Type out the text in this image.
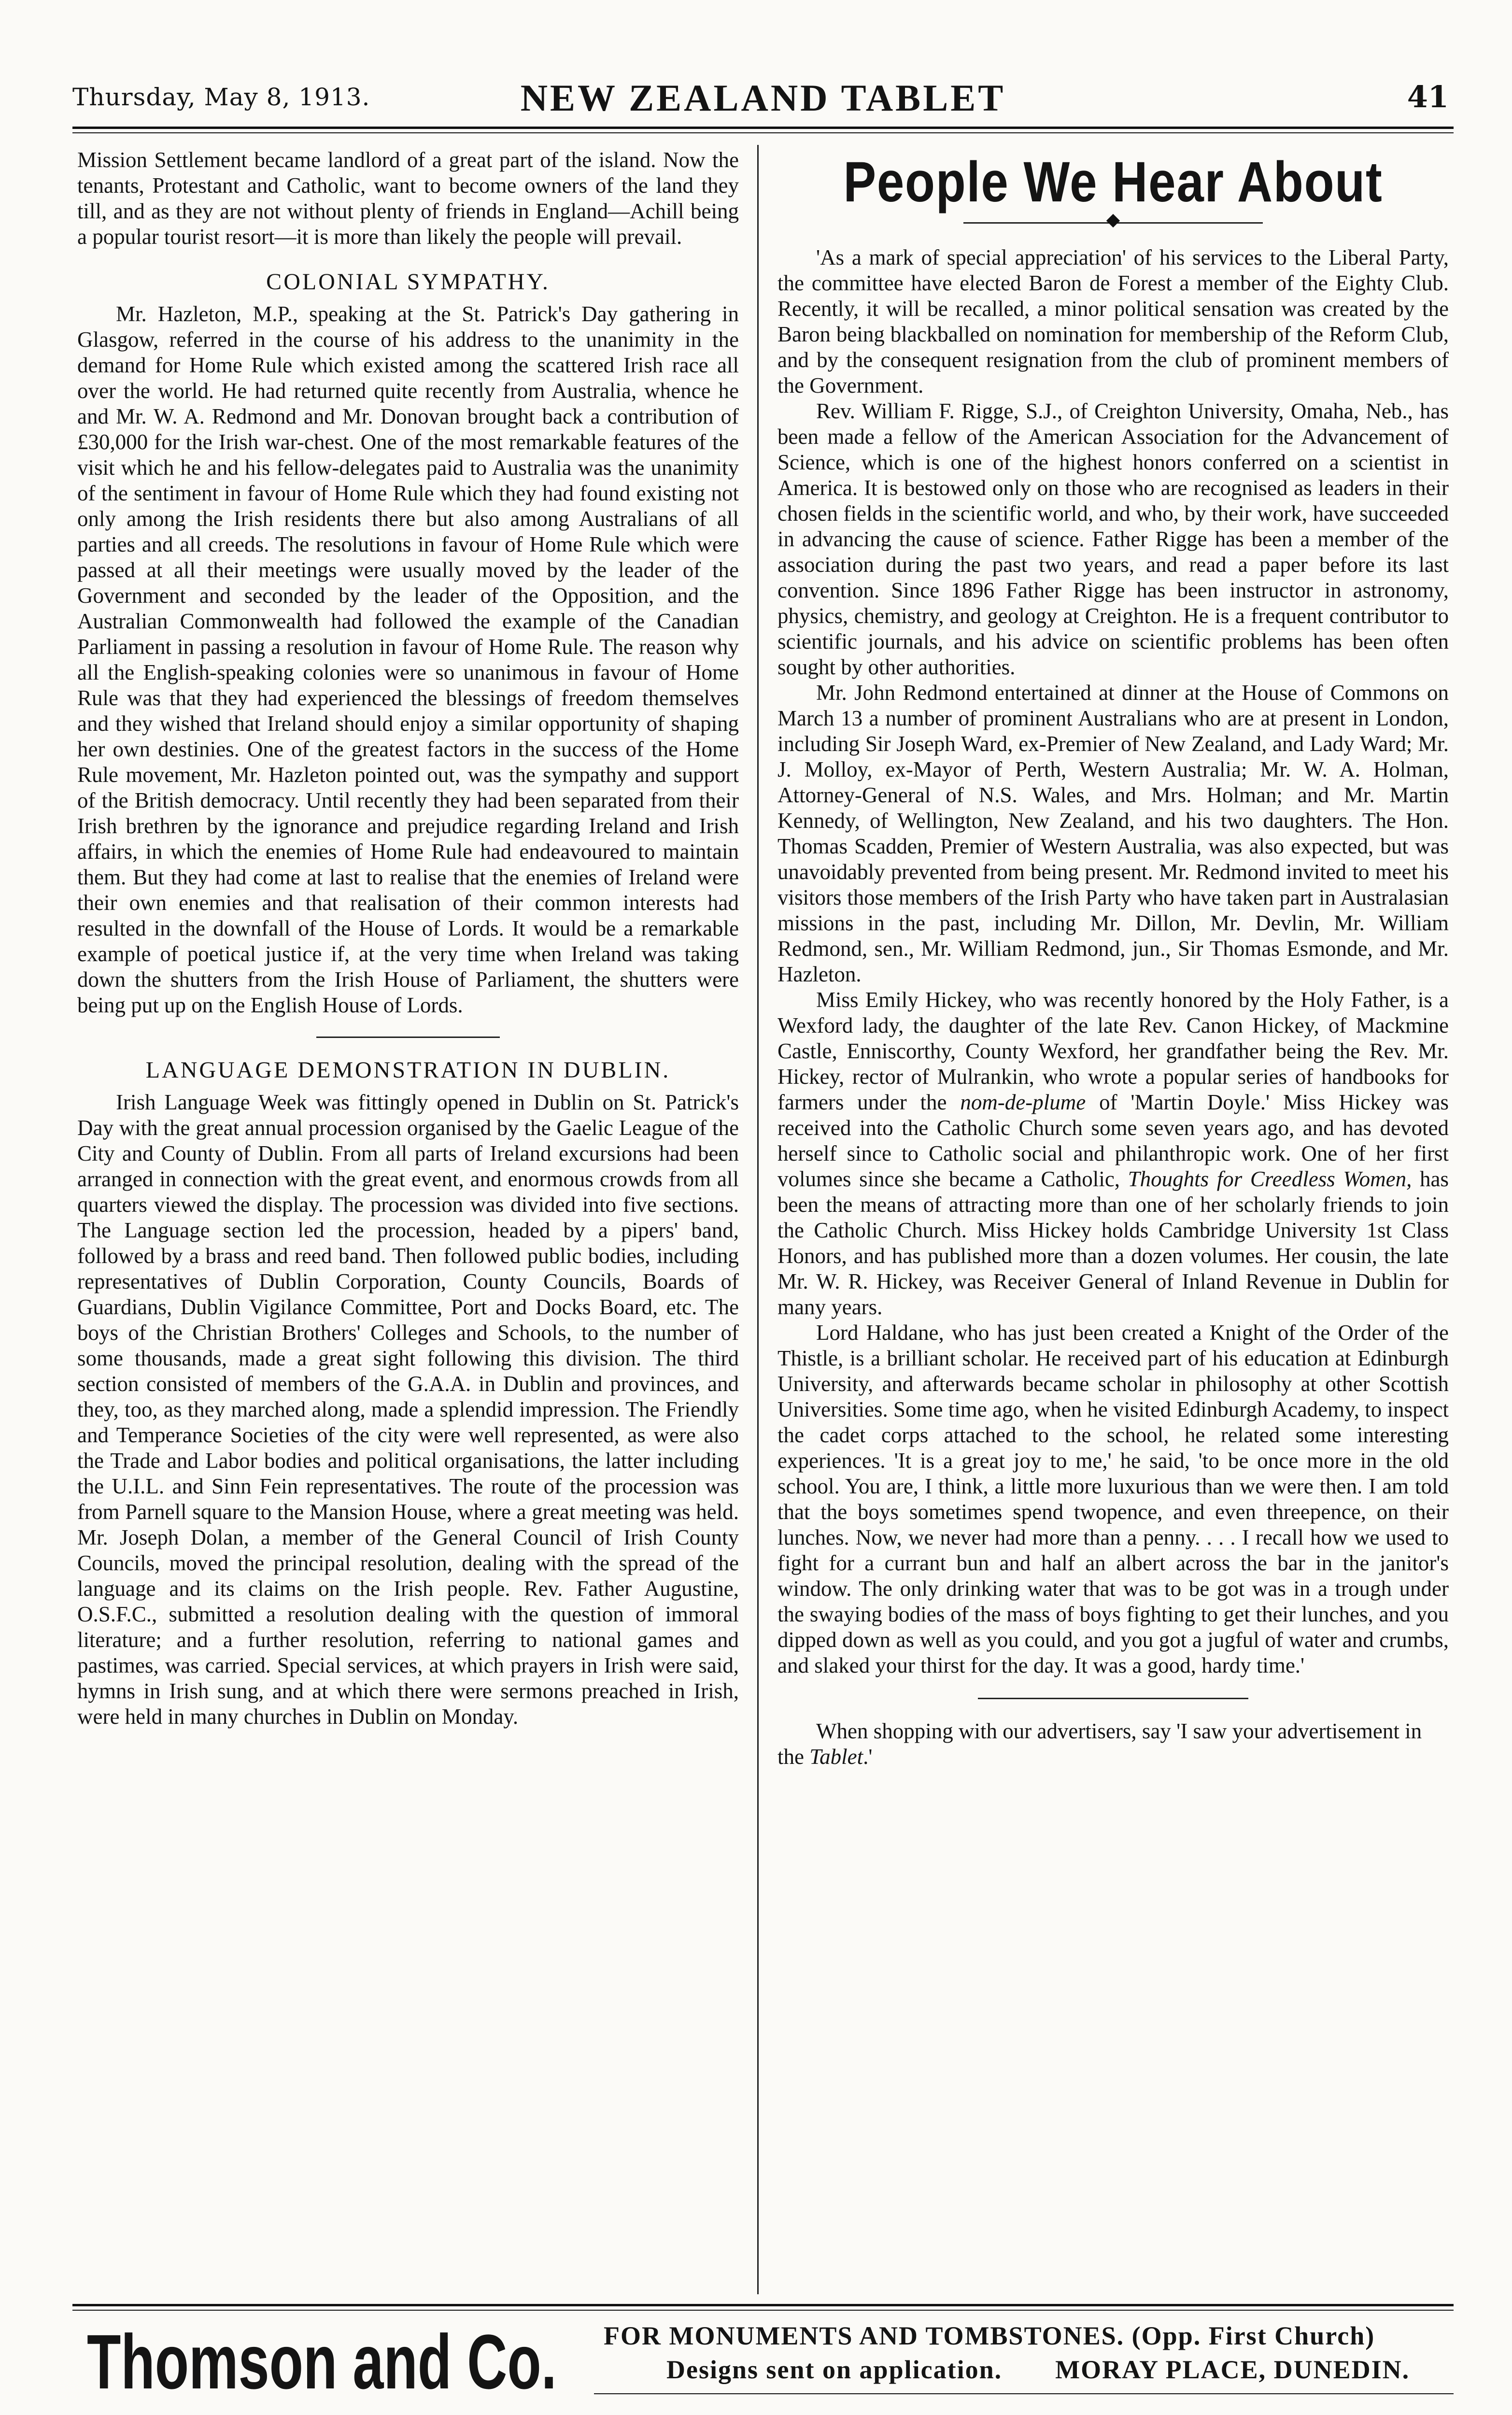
Thursday, May 8, 1913.	NEW ZEALAND TABLET	41

Mission Settlement became landlord of a great part of the island. Now the tenants, Protestant and Catholic, want to become owners of the land they till, and as they are not without plenty of friends in England—Achill being a popular tourist resort—it is more than likely the people will prevail.

COLONIAL SYMPATHY.

Mr. Hazleton, M.P., speaking at the St. Patrick's Day gathering in Glasgow, referred in the course of his address to the unanimity in the demand for Home Rule which existed among the scattered Irish race all over the world. He had returned quite recently from Australia, whence he and Mr. W. A. Redmond and Mr. Donovan brought back a contribution of £30,000 for the Irish war-chest. One of the most remarkable features of the visit which he and his fellow-delegates paid to Australia was the unanimity of the sentiment in favour of Home Rule which they had found existing not only among the Irish residents there but also among Australians of all parties and all creeds. The resolutions in favour of Home Rule which were passed at all their meetings were usually moved by the leader of the Government and seconded by the leader of the Opposition, and the Australian Commonwealth had followed the example of the Canadian Parliament in passing a resolution in favour of Home Rule. The reason why all the English-speaking colonies were so unanimous in favour of Home Rule was that they had experienced the blessings of freedom themselves and they wished that Ireland should enjoy a similar opportunity of shaping her own destinies. One of the greatest factors in the success of the Home Rule movement, Mr. Hazleton pointed out, was the sympathy and support of the British democracy. Until recently they had been separated from their Irish brethren by the ignorance and prejudice regarding Ireland and Irish affairs, in which the enemies of Home Rule had endeavoured to maintain them. But they had come at last to realise that the enemies of Ireland were their own enemies and that realisation of their common interests had resulted in the downfall of the House of Lords. It would be a remarkable example of poetical justice if, at the very time when Ireland was taking down the shutters from the Irish House of Parliament, the shutters were being put up on the English House of Lords.

LANGUAGE DEMONSTRATION IN DUBLIN.

Irish Language Week was fittingly opened in Dublin on St. Patrick's Day with the great annual procession organised by the Gaelic League of the City and County of Dublin. From all parts of Ireland excursions had been arranged in connection with the great event, and enormous crowds from all quarters viewed the display. The procession was divided into five sections. The Language section led the procession, headed by a pipers' band, followed by a brass and reed band. Then followed public bodies, including representatives of Dublin Corporation, County Councils, Boards of Guardians, Dublin Vigilance Committee, Port and Docks Board, etc. The boys of the Christian Brothers' Colleges and Schools, to the number of some thousands, made a great sight following this division. The third section consisted of members of the G.A.A. in Dublin and provinces, and they, too, as they marched along, made a splendid impression. The Friendly and Temperance Societies of the city were well represented, as were also the Trade and Labor bodies and political organisations, the latter including the U.I.L. and Sinn Fein representatives. The route of the procession was from Parnell square to the Mansion House, where a great meeting was held. Mr. Joseph Dolan, a member of the General Council of Irish County Councils, moved the principal resolution, dealing with the spread of the language and its claims on the Irish people. Rev. Father Augustine, O.S.F.C., submitted a resolution dealing with the question of immoral literature; and a further resolution, referring to national games and pastimes, was carried. Special services, at which prayers in Irish were said, hymns in Irish sung, and at which there were sermons preached in Irish, were held in many churches in Dublin on Monday.

People We Hear About

'As a mark of special appreciation' of his services to the Liberal Party, the committee have elected Baron de Forest a member of the Eighty Club. Recently, it will be recalled, a minor political sensation was created by the Baron being blackballed on nomination for membership of the Reform Club, and by the consequent resignation from the club of prominent members of the Government.

Rev. William F. Rigge, S.J., of Creighton University, Omaha, Neb., has been made a fellow of the American Association for the Advancement of Science, which is one of the highest honors conferred on a scientist in America. It is bestowed only on those who are recognised as leaders in their chosen fields in the scientific world, and who, by their work, have succeeded in advancing the cause of science. Father Rigge has been a member of the association during the past two years, and read a paper before its last convention. Since 1896 Father Rigge has been instructor in astronomy, physics, chemistry, and geology at Creighton. He is a frequent contributor to scientific journals, and his advice on scientific problems has been often sought by other authorities.

Mr. John Redmond entertained at dinner at the House of Commons on March 13 a number of prominent Australians who are at present in London, including Sir Joseph Ward, ex-Premier of New Zealand, and Lady Ward; Mr. J. Molloy, ex-Mayor of Perth, Western Australia; Mr. W. A. Holman, Attorney-General of N.S. Wales, and Mrs. Holman; and Mr. Martin Kennedy, of Wellington, New Zealand, and his two daughters. The Hon. Thomas Scadden, Premier of Western Australia, was also expected, but was unavoidably prevented from being present. Mr. Redmond invited to meet his visitors those members of the Irish Party who have taken part in Australasian missions in the past, including Mr. Dillon, Mr. Devlin, Mr. William Redmond, sen., Mr. William Redmond, jun., Sir Thomas Esmonde, and Mr. Hazleton.

Miss Emily Hickey, who was recently honored by the Holy Father, is a Wexford lady, the daughter of the late Rev. Canon Hickey, of Mackmine Castle, Enniscorthy, County Wexford, her grandfather being the Rev. Mr. Hickey, rector of Mulrankin, who wrote a popular series of handbooks for farmers under the nom-de-plume of 'Martin Doyle.' Miss Hickey was received into the Catholic Church some seven years ago, and has devoted herself since to Catholic social and philanthropic work. One of her first volumes since she became a Catholic, Thoughts for Creedless Women, has been the means of attracting more than one of her scholarly friends to join the Catholic Church. Miss Hickey holds Cambridge University 1st Class Honors, and has published more than a dozen volumes. Her cousin, the late Mr. W. R. Hickey, was Receiver General of Inland Revenue in Dublin for many years.

Lord Haldane, who has just been created a Knight of the Order of the Thistle, is a brilliant scholar. He received part of his education at Edinburgh University, and afterwards became scholar in philosophy at other Scottish Universities. Some time ago, when he visited Edinburgh Academy, to inspect the cadet corps attached to the school, he related some interesting experiences. 'It is a great joy to me,' he said, 'to be once more in the old school. You are, I think, a little more luxurious than we were then. I am told that the boys sometimes spend twopence, and even threepence, on their lunches. Now, we never had more than a penny. . . . I recall how we used to fight for a currant bun and half an albert across the bar in the janitor's window. The only drinking water that was to be got was in a trough under the swaying bodies of the mass of boys fighting to get their lunches, and you dipped down as well as you could, and you got a jugful of water and crumbs, and slaked your thirst for the day. It was a good, hardy time.'

When shopping with our advertisers, say 'I saw your advertisement in the Tablet.'

Thomson and Co. FOR MONUMENTS AND TOMBSTONES. (Opp. First Church)
Designs sent on application. MORAY PLACE, DUNEDIN.
